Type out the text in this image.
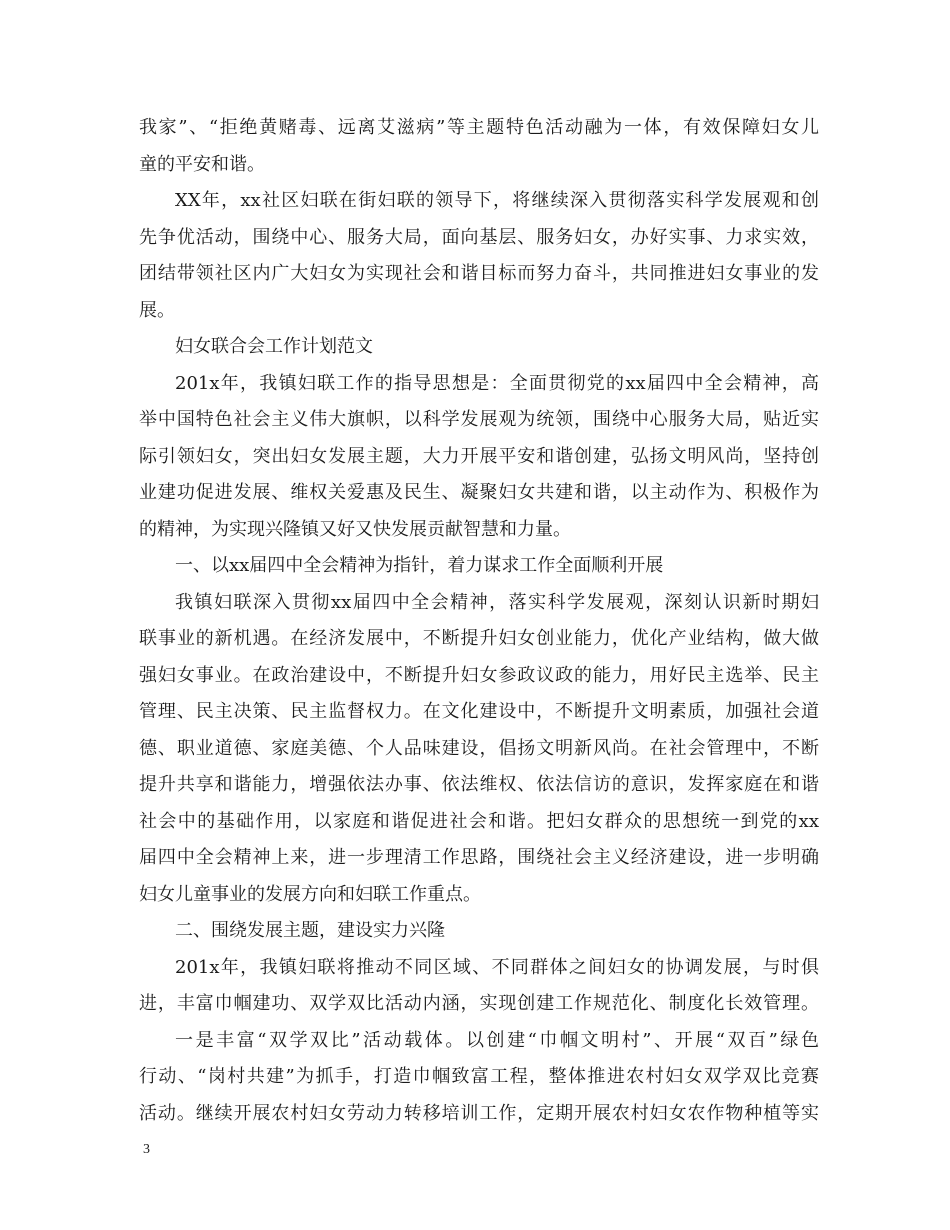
我家”、“拒绝黄赌毒、远离艾滋病”等主题特色活动融为一体，有效保障妇女儿
童的平安和谐。
XX年，xx社区妇联在街妇联的领导下，将继续深入贯彻落实科学发展观和创
先争优活动，围绕中心、服务大局，面向基层、服务妇女，办好实事、力求实效，
团结带领社区内广大妇女为实现社会和谐目标而努力奋斗，共同推进妇女事业的发
展。
妇女联合会工作计划范文
201x年，我镇妇联工作的指导思想是：全面贯彻党的xx届四中全会精神，高
举中国特色社会主义伟大旗帜，以科学发展观为统领，围绕中心服务大局，贴近实
际引领妇女，突出妇女发展主题，大力开展平安和谐创建，弘扬文明风尚，坚持创
业建功促进发展、维权关爱惠及民生、凝聚妇女共建和谐，以主动作为、积极作为
的精神，为实现兴隆镇又好又快发展贡献智慧和力量。
一、以xx届四中全会精神为指针，着力谋求工作全面顺利开展
我镇妇联深入贯彻xx届四中全会精神，落实科学发展观，深刻认识新时期妇
联事业的新机遇。在经济发展中，不断提升妇女创业能力，优化产业结构，做大做
强妇女事业。在政治建设中，不断提升妇女参政议政的能力，用好民主选举、民主
管理、民主决策、民主监督权力。在文化建设中，不断提升文明素质，加强社会道
德、职业道德、家庭美德、个人品味建设，倡扬文明新风尚。在社会管理中，不断
提升共享和谐能力，增强依法办事、依法维权、依法信访的意识，发挥家庭在和谐
社会中的基础作用，以家庭和谐促进社会和谐。把妇女群众的思想统一到党的xx
届四中全会精神上来，进一步理清工作思路，围绕社会主义经济建设，进一步明确
妇女儿童事业的发展方向和妇联工作重点。
二、围绕发展主题，建设实力兴隆
201x年，我镇妇联将推动不同区域、不同群体之间妇女的协调发展，与时俱
进，丰富巾帼建功、双学双比活动内涵，实现创建工作规范化、制度化长效管理。
一是丰富“双学双比”活动载体。以创建“巾帼文明村”、开展“双百”绿色
行动、“岗村共建”为抓手，打造巾帼致富工程，整体推进农村妇女双学双比竞赛
活动。继续开展农村妇女劳动力转移培训工作，定期开展农村妇女农作物种植等实
3
